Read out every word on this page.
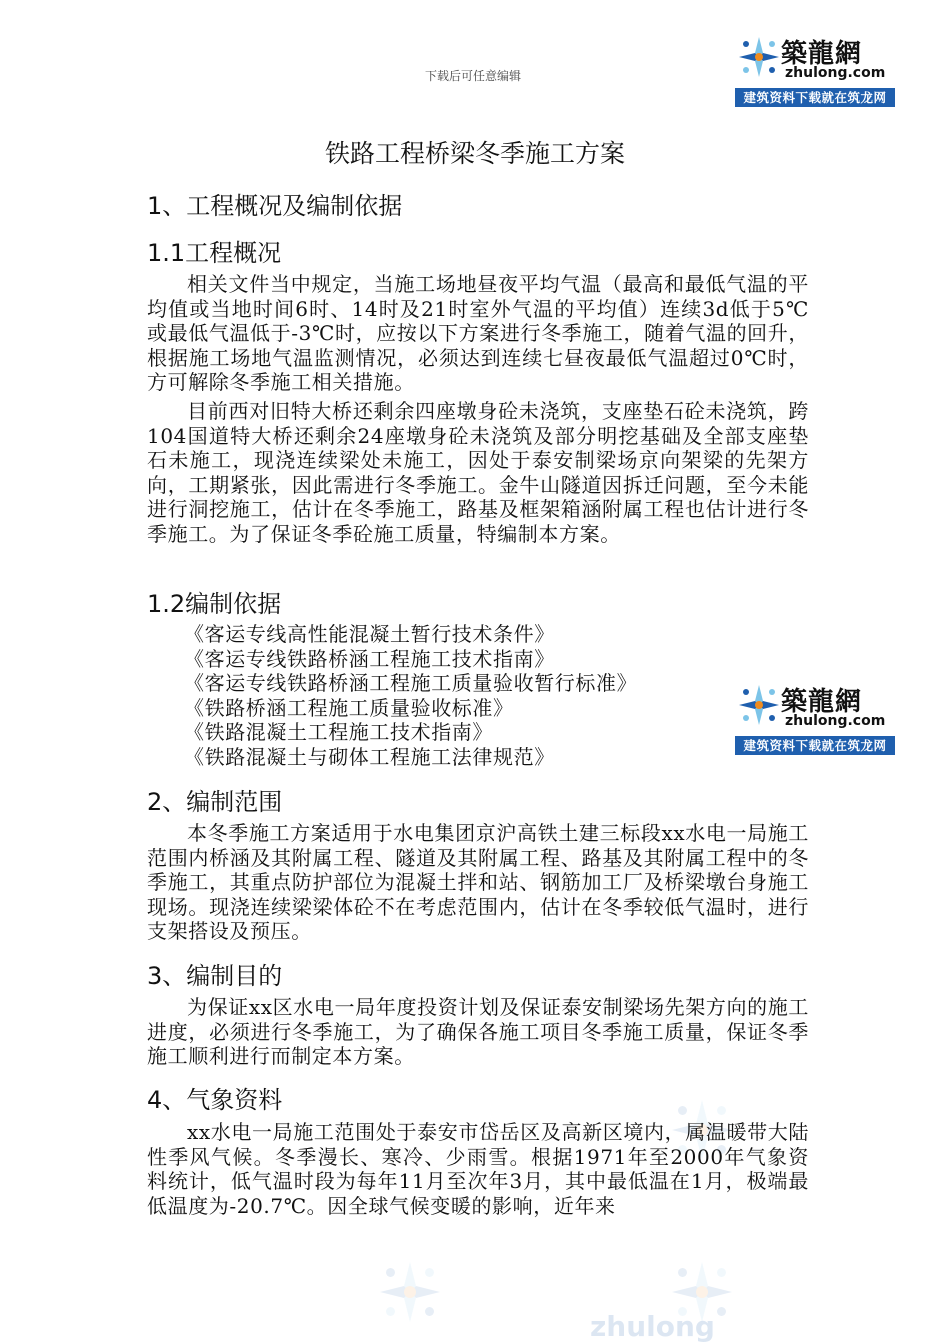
zhulong
下载后可任意编辑
築龍網
zhulong.com
建筑资料下载就在筑龙网
築龍網
zhulong.com
建筑资料下载就在筑龙网
铁路工程桥梁冬季施工方案
1、工程概况及编制依据
1.1工程概况

相关文件当中规定，当施工场地昼夜平均气温（最高和最低气温的平均值或当地时间6时、14时及21时室外气温的平均值）连续3d低于5℃或最低气温低于-3℃时，应按以下方案进行冬季施工，随着气温的回升，根据施工场地气温监测情况，必须达到连续七昼夜最低气温超过0℃时，方可解除冬季施工相关措施。

目前西对旧特大桥还剩余四座墩身砼未浇筑，支座垫石砼未浇筑，跨104国道特大桥还剩余24座墩身砼未浇筑及部分明挖基础及全部支座垫石未施工，现浇连续梁处未施工，因处于泰安制梁场京向架梁的先架方向，工期紧张，因此需进行冬季施工。金牛山隧道因拆迁问题，至今未能进行洞挖施工，估计在冬季施工，路基及框架箱涵附属工程也估计进行冬季施工。为了保证冬季砼施工质量，特编制本方案。

1.2编制依据
《客运专线高性能混凝土暂行技术条件》
《客运专线铁路桥涵工程施工技术指南》
《客运专线铁路桥涵工程施工质量验收暂行标准》
《铁路桥涵工程施工质量验收标准》
《铁路混凝土工程施工技术指南》
《铁路混凝土与砌体工程施工法律规范》
2、编制范围

本冬季施工方案适用于水电集团京沪高铁土建三标段xx水电一局施工范围内桥涵及其附属工程、隧道及其附属工程、路基及其附属工程中的冬季施工，其重点防护部位为混凝土拌和站、钢筋加工厂及桥梁墩台身施工现场。现浇连续梁梁体砼不在考虑范围内，估计在冬季较低气温时，进行支架搭设及预压。

3、编制目的

为保证xx区水电一局年度投资计划及保证泰安制梁场先架方向的施工进度，必须进行冬季施工，为了确保各施工项目冬季施工质量，保证冬季施工顺利进行而制定本方案。

4、气象资料

xx水电一局施工范围处于泰安市岱岳区及高新区境内，属温暖带大陆性季风气候。冬季漫长、寒冷、少雨雪。根据1971年至2000年气象资料统计，低气温时段为每年11月至次年3月，其中最低温在1月，极端最低温度为-20.7℃。因全球气候变暖的影响，近年来
